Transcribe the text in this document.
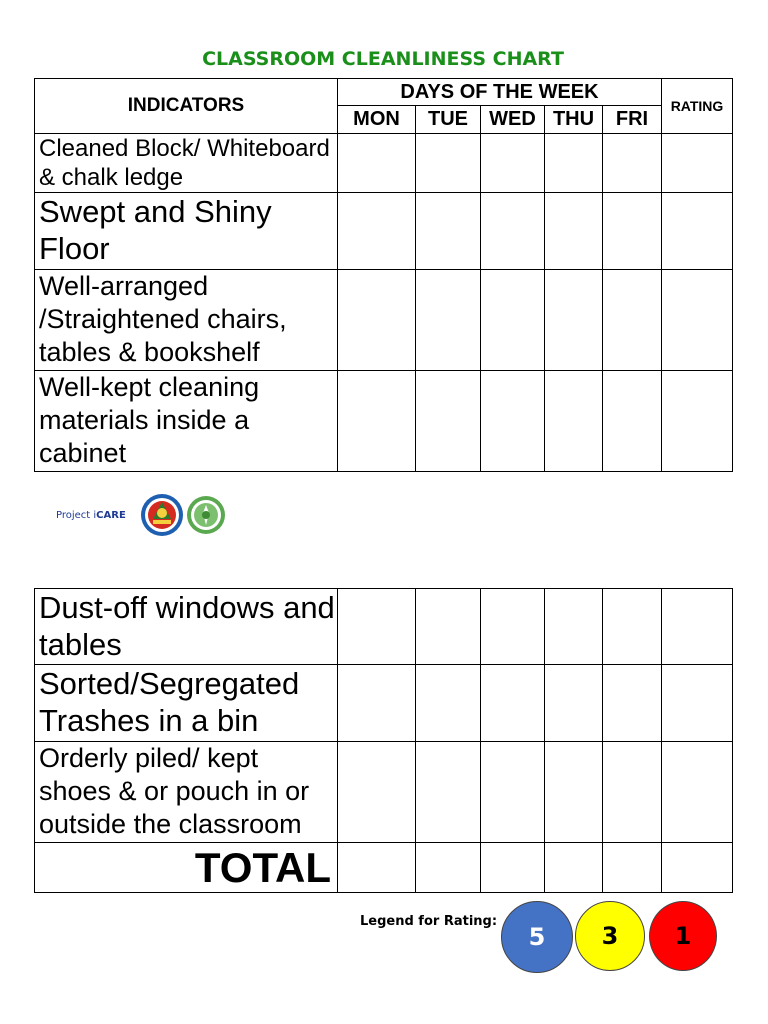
CLASSROOM CLEANLINESS CHART
INDICATORS	DAYS OF THE WEEK					RATING
	MON	TUE	WED	THU	FRI	
Cleaned Block/ Whiteboard & chalk ledge						
Swept and Shiny Floor						
Well-arranged /Straightened chairs, tables & bookshelf						
Well-kept cleaning materials inside a cabinet						
Project iCARE
Dust-off windows and tables						
Sorted/Segregated Trashes in a bin						
Orderly piled/ kept shoes & or pouch in or outside the classroom						
TOTAL						
Legend for Rating:
5 3 1
